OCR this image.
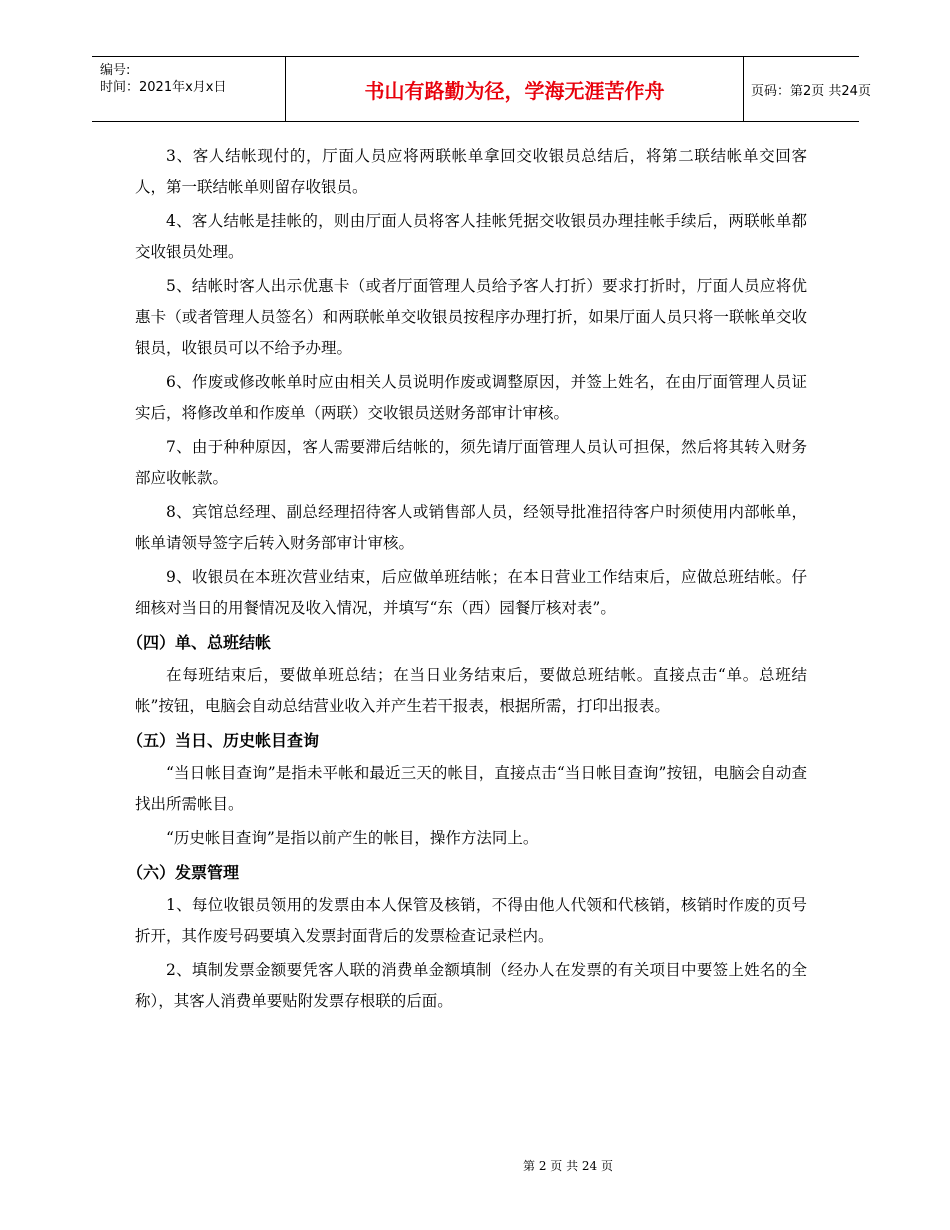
编号:
时间：2021年x月x日	书山有路勤为径，学海无涯苦作舟	页码：第2页 共24页

3、客人结帐现付的，厅面人员应将两联帐单拿回交收银员总结后，将第二联结帐单交回客人，第一联结帐单则留存收银员。

4、客人结帐是挂帐的，则由厅面人员将客人挂帐凭据交收银员办理挂帐手续后，两联帐单都交收银员处理。

5、结帐时客人出示优惠卡（或者厅面管理人员给予客人打折）要求打折时，厅面人员应将优惠卡（或者管理人员签名）和两联帐单交收银员按程序办理打折，如果厅面人员只将一联帐单交收银员，收银员可以不给予办理。

6、作废或修改帐单时应由相关人员说明作废或调整原因，并签上姓名，在由厅面管理人员证实后，将修改单和作废单（两联）交收银员送财务部审计审核。

7、由于种种原因，客人需要滞后结帐的，须先请厅面管理人员认可担保，然后将其转入财务部应收帐款。

8、宾馆总经理、副总经理招待客人或销售部人员，经领导批准招待客户时须使用内部帐单，帐单请领导签字后转入财务部审计审核。

9、收银员在本班次营业结束，后应做单班结帐；在本日营业工作结束后，应做总班结帐。仔细核对当日的用餐情况及收入情况，并填写“东（西）园餐厅核对表”。

（四）单、总班结帐

在每班结束后，要做单班总结；在当日业务结束后，要做总班结帐。直接点击“单。总班结帐”按钮，电脑会自动总结营业收入并产生若干报表，根据所需，打印出报表。

（五）当日、历史帐目查询

“当日帐目查询”是指未平帐和最近三天的帐目，直接点击“当日帐目查询”按钮，电脑会自动查找出所需帐目。

“历史帐目查询”是指以前产生的帐目，操作方法同上。

（六）发票管理

1、每位收银员领用的发票由本人保管及核销，不得由他人代领和代核销，核销时作废的页号折开，其作废号码要填入发票封面背后的发票检查记录栏内。

2、填制发票金额要凭客人联的消费单金额填制（经办人在发票的有关项目中要签上姓名的全称），其客人消费单要贴附发票存根联的后面。

第 2 页 共 24 页
